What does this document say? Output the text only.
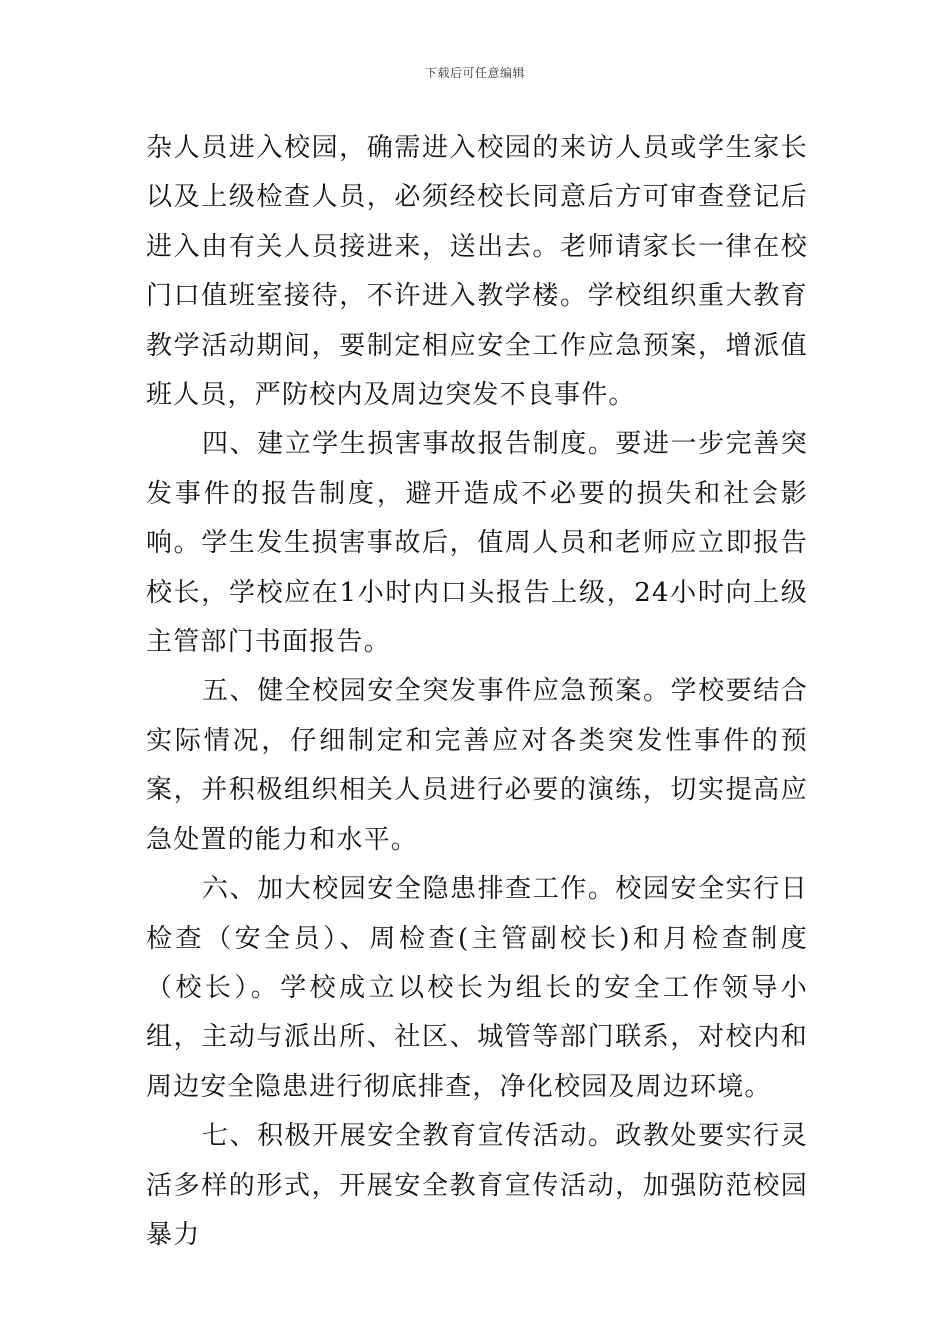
下载后可任意编辑

杂人员进入校园，确需进入校园的来访人员或学生家长以及上级检查人员，必须经校长同意后方可审查登记后进入由有关人员接进来，送出去。老师请家长一律在校门口值班室接待，不许进入教学楼。学校组织重大教育教学活动期间，要制定相应安全工作应急预案，增派值班人员，严防校内及周边突发不良事件。

四、建立学生损害事故报告制度。要进一步完善突发事件的报告制度，避开造成不必要的损失和社会影响。学生发生损害事故后，值周人员和老师应立即报告校长，学校应在1小时内口头报告上级，24小时向上级主管部门书面报告。

五、健全校园安全突发事件应急预案。学校要结合实际情况，仔细制定和完善应对各类突发性事件的预案，并积极组织相关人员进行必要的演练，切实提高应急处置的能力和水平。

六、加大校园安全隐患排查工作。校园安全实行日检查（安全员）、周检查(主管副校长)和月检查制度（校长）。学校成立以校长为组长的安全工作领导小组，主动与派出所、社区、城管等部门联系，对校内和周边安全隐患进行彻底排查，净化校园及周边环境。

七、积极开展安全教育宣传活动。政教处要实行灵活多样的形式，开展安全教育宣传活动，加强防范校园暴力
